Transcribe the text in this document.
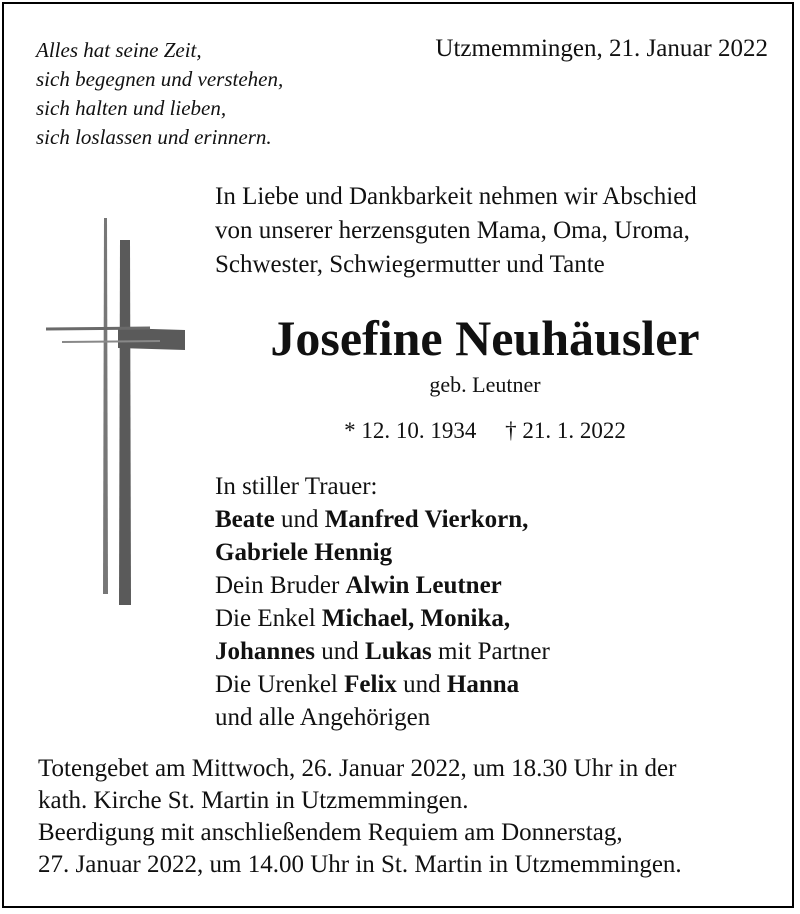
Alles hat seine Zeit,
sich begegnen und verstehen,
sich halten und lieben,
sich loslassen und erinnern.
Utzmemmingen, 21. Januar 2022
In Liebe und Dankbarkeit nehmen wir Abschied
von unserer herzensguten Mama, Oma, Uroma,
Schwester, Schwiegermutter und Tante
Josefine Neuhäusler
geb. Leutner
* 12. 10. 1934 † 21. 1. 2022
In stiller Trauer:
Beate und Manfred Vierkorn,
Gabriele Hennig
Dein Bruder Alwin Leutner
Die Enkel Michael, Monika,
Johannes und Lukas mit Partner
Die Urenkel Felix und Hanna
und alle Angehörigen
Totengebet am Mittwoch, 26. Januar 2022, um 18.30 Uhr in der
kath. Kirche St. Martin in Utzmemmingen.
Beerdigung mit anschließendem Requiem am Donnerstag,
27. Januar 2022, um 14.00 Uhr in St. Martin in Utzmemmingen.
